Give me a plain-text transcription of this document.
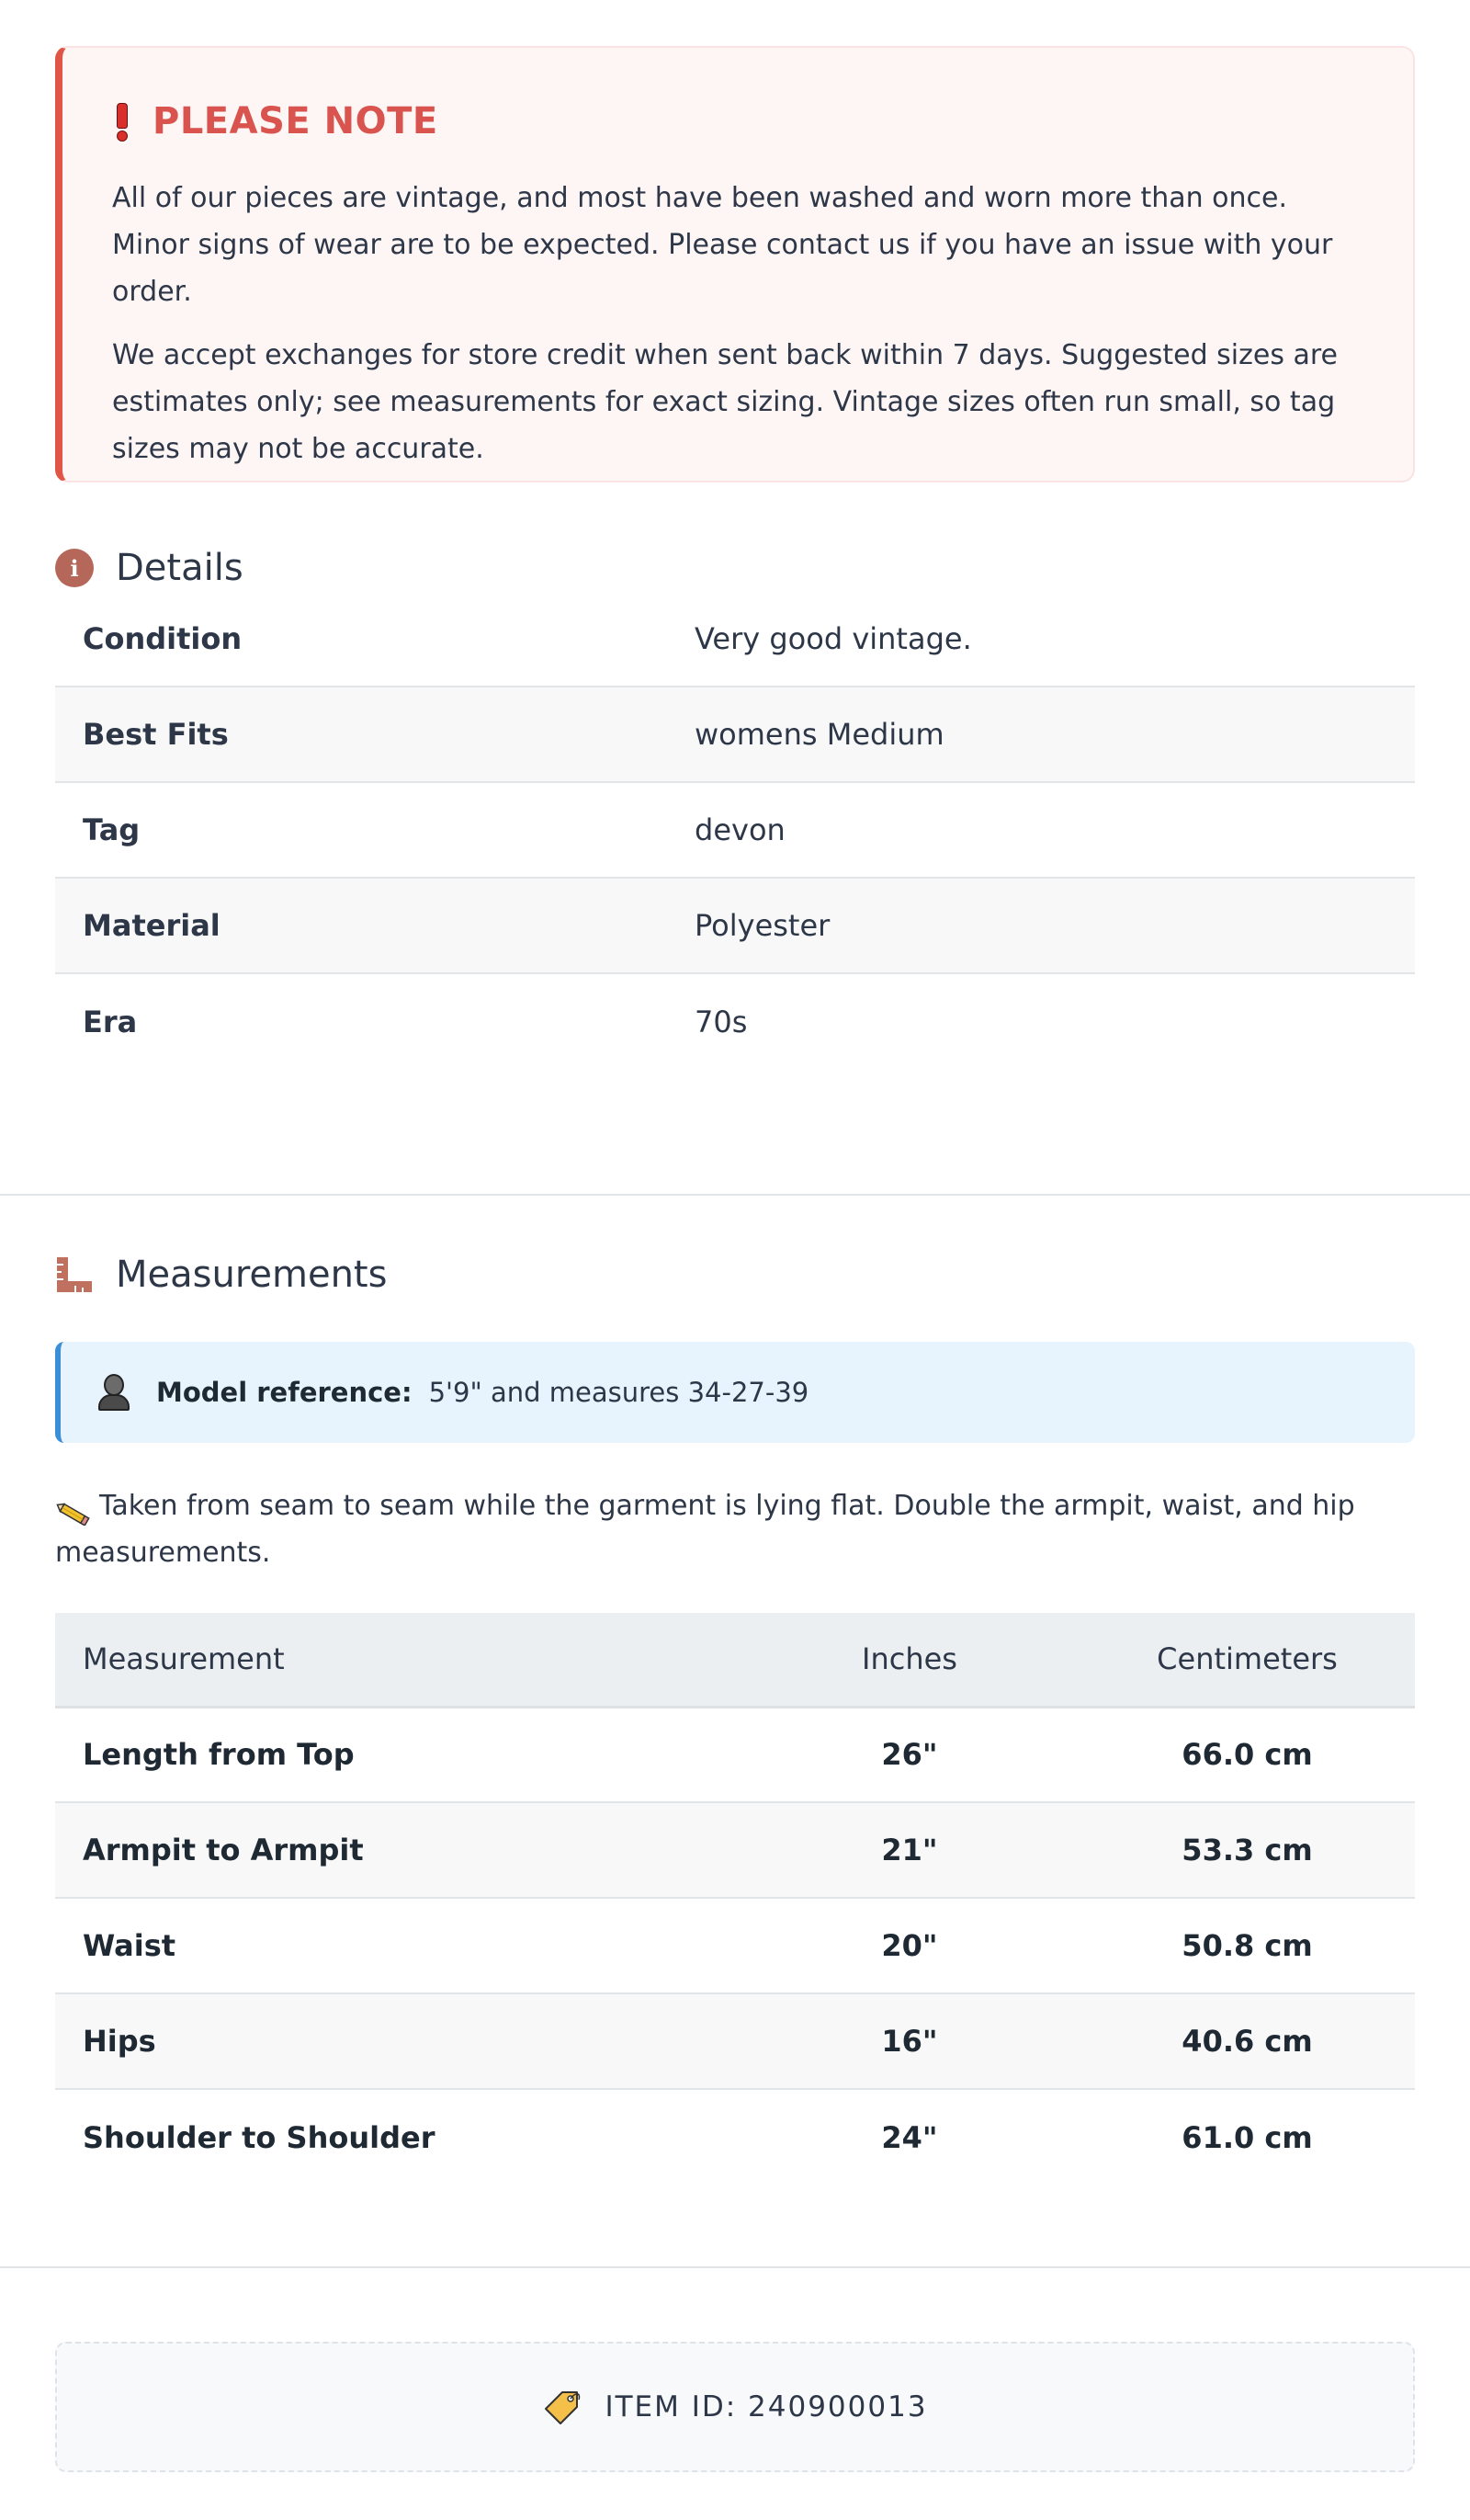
PLEASE NOTE

All of our pieces are vintage, and most have been washed and worn more than once. Minor signs of wear are to be expected. Please contact us if you have an issue with your order.

We accept exchanges for store credit when sent back within 7 days. Suggested sizes are estimates only; see measurements for exact sizing. Vintage sizes often run small, so tag sizes may not be accurate.

i	Details
Condition	Very good vintage.
Best Fits	womens Medium
Tag	devon
Material	Polyester
Era	70s
Measurements
Model reference: 5'9" and measures 34-27-39
Taken from seam to seam while the garment is lying flat. Double the armpit, waist, and hip measurements.
Measurement	Inches	Centimeters
Length from Top	26"	66.0 cm
Armpit to Armpit	21"	53.3 cm
Waist	20"	50.8 cm
Hips	16"	40.6 cm
Shoulder to Shoulder	24"	61.0 cm
ITEM ID: 240900013
